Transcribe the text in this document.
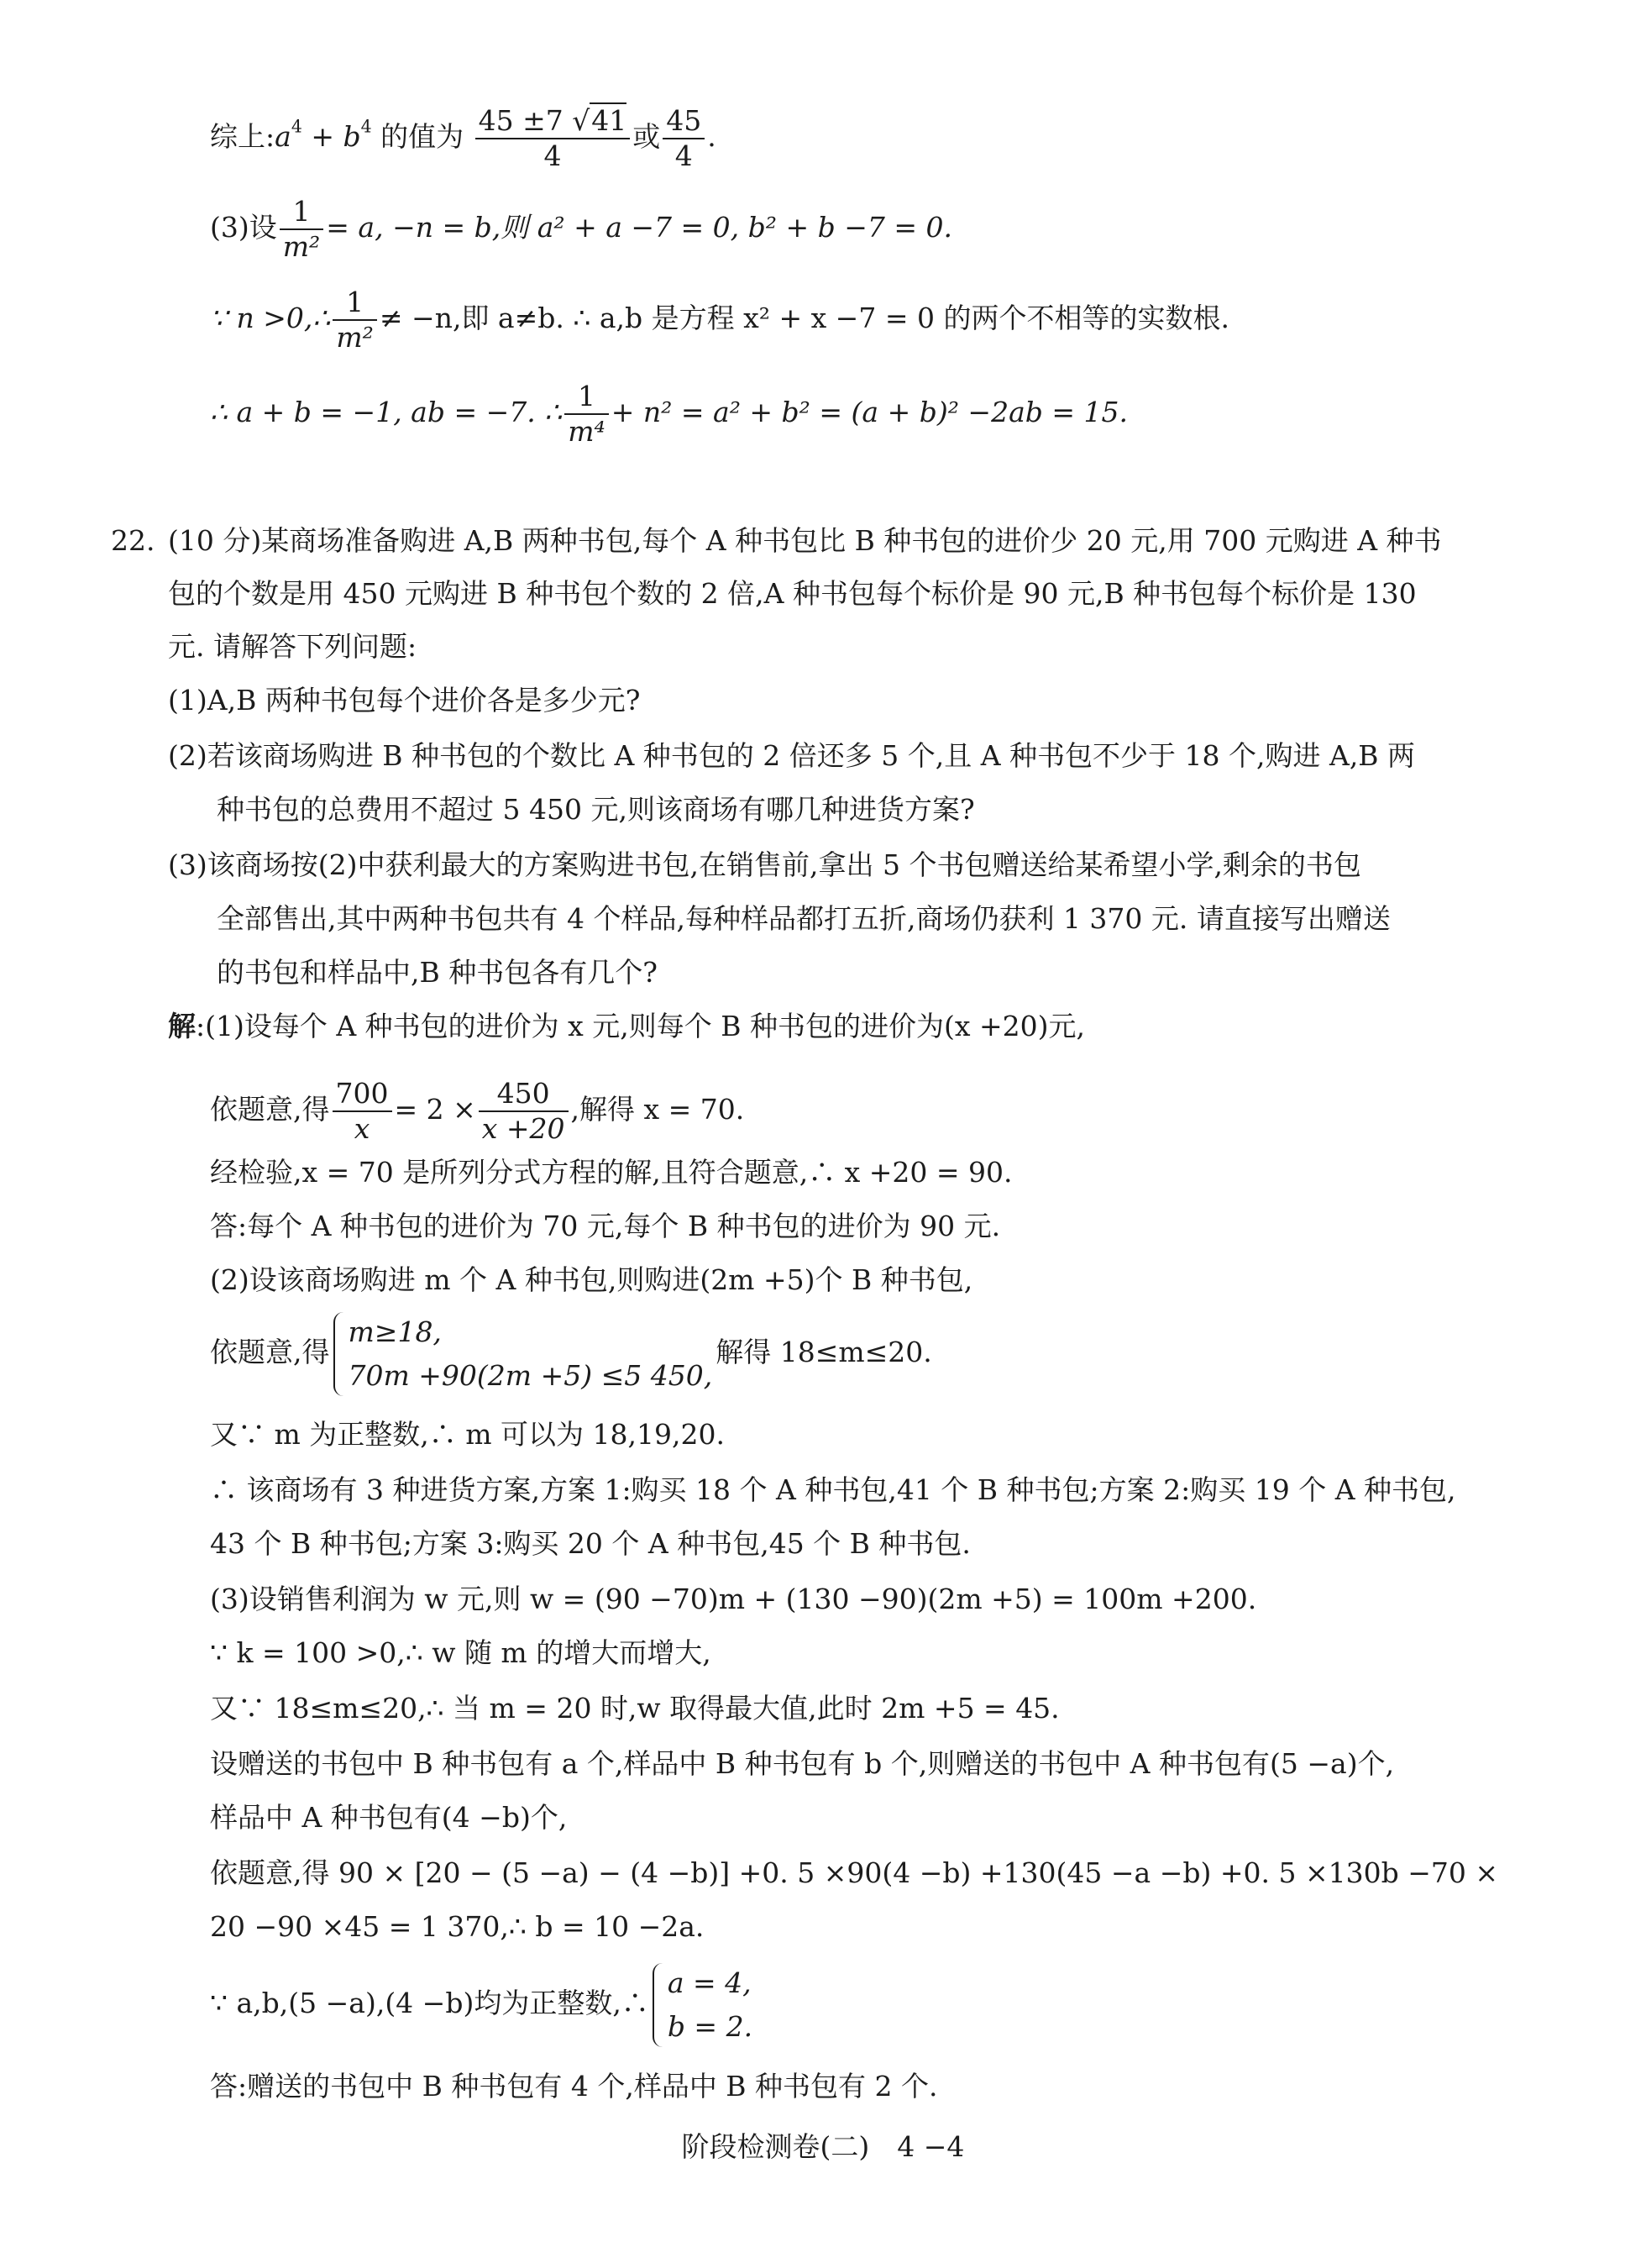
综上$:a^4 + b^4$ 的值为 $\frac{45 \pm 7 √41}{4}$ 或 $\frac{45}{4}$ .
(3)设 $\frac{1}{\text{m²}} = a$, −n = b,则 a² + a −7 = 0, b² + b −7 = 0.
∵ n >0,∴ $\frac{1}{\text{m²}} \ne -n$,即 a≠b. ∴ a,b 是方程 x² + x −7 = 0 的两个不相等的实数根.
∴ a + b = −1, ab = −7. ∴ $\frac{1}{\text{m⁴}} + n^2 = a^2 + b^2 = (a + b)^2 -2ab = 15$.
22. (10 分)某商场准备购进 A,B 两种书包,每个 A 种书包比 B 种书包的进价少 20 元,用 700 元购进 A 种书
包的个数是用 450 元购进 B 种书包个数的 2 倍,A 种书包每个标价是 90 元,B 种书包每个标价是 130
元. 请解答下列问题:
(1)A,B 两种书包每个进价各是多少元?
(2)若该商场购进 B 种书包的个数比 A 种书包的 2 倍还多 5 个,且 A 种书包不少于 18 个,购进 A,B 两
种书包的总费用不超过 5 450 元,则该商场有哪几种进货方案?
(3)该商场按(2)中获利最大的方案购进书包,在销售前,拿出 5 个书包赠送给某希望小学,剩余的书包
全部售出,其中两种书包共有 4 个样品,每种样品都打五折,商场仍获利 1 370 元. 请直接写出赠送
的书包和样品中,B 种书包各有几个?
解:(1)设每个 A 种书包的进价为 x 元,则每个 B 种书包的进价为(x +20)元,
依题意,得 $\frac{700}{x} = 2 \times \frac{450}{x +20}$ ,解得 x = 70.
经检验,x = 70 是所列分式方程的解,且符合题意,∴ x +20 = 90.
答:每个 A 种书包的进价为 70 元,每个 B 种书包的进价为 90 元.
(2)设该商场购进 m 个 A 种书包,则购进(2m +5)个 B 种书包,
依题意,得
m≥18,
70m +90(2m +5) ≤5 450,
解得 18≤m≤20.
又∵ m 为正整数,∴ m 可以为 18,19,20.
∴ 该商场有 3 种进货方案,方案 1:购买 18 个 A 种书包,41 个 B 种书包;方案 2:购买 19 个 A 种书包,
43 个 B 种书包;方案 3:购买 20 个 A 种书包,45 个 B 种书包.
(3)设销售利润为 w 元,则 w = (90 −70)m + (130 −90)(2m +5) = 100m +200.
∵ k = 100 >0,∴ w 随 m 的增大而增大,
又∵ 18≤m≤20,∴ 当 m = 20 时,w 取得最大值,此时 2m +5 = 45.
设赠送的书包中 B 种书包有 a 个,样品中 B 种书包有 b 个,则赠送的书包中 A 种书包有(5 −a)个,
样品中 A 种书包有(4 −b)个,
依题意,得 90 × [20 − (5 −a) − (4 −b)] +0. 5 ×90(4 −b) +130(45 −a −b) +0. 5 ×130b −70 ×
20 −90 ×45 = 1 370,∴ b = 10 −2a.
∵ a,b,(5 −a),(4 −b)均为正整数,∴
a = 4,
b = 2.
答:赠送的书包中 B 种书包有 4 个,样品中 B 种书包有 2 个.
阶段检测卷(二)　4 −4
